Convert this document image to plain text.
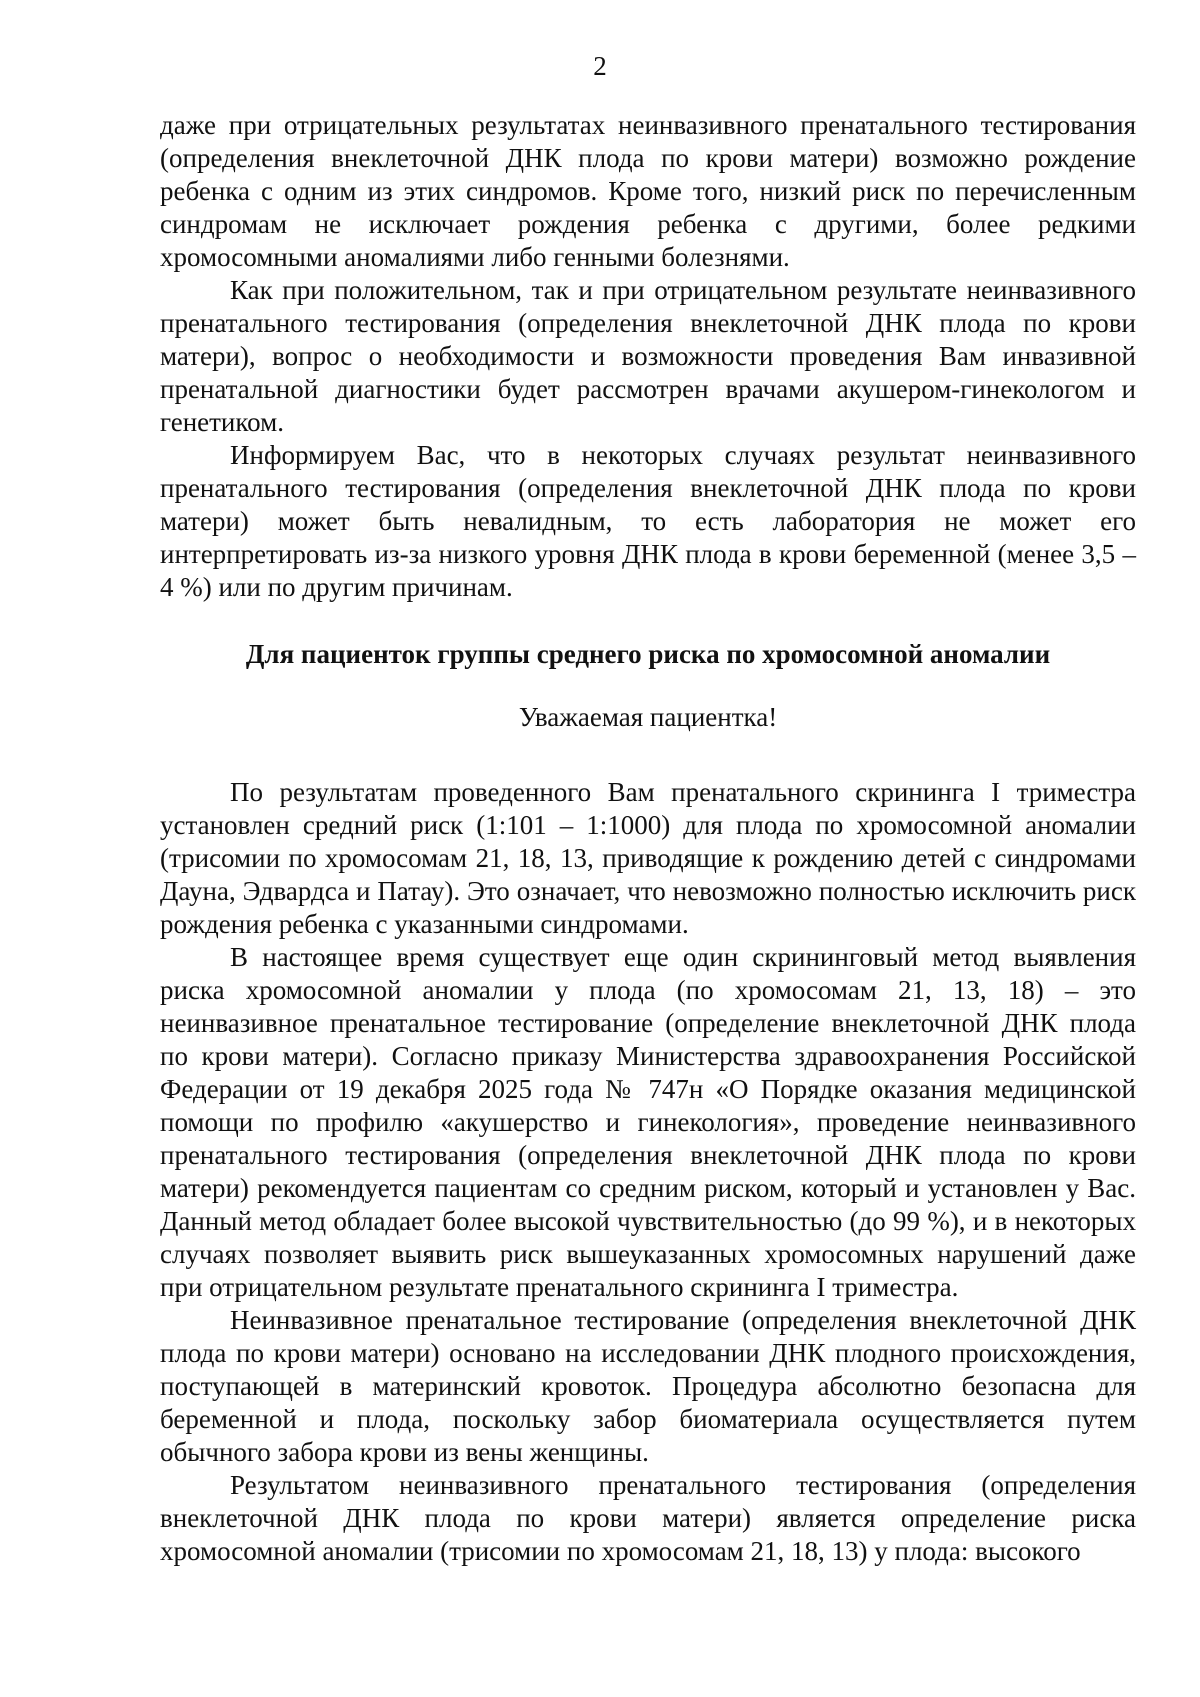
2

даже при отрицательных результатах неинвазивного пренатального тестирования (определения внеклеточной ДНК плода по крови матери) возможно рождение ребенка с одним из этих синдромов. Кроме того, низкий риск по перечисленным синдромам не исключает рождения ребенка с другими, более редкими хромосомными аномалиями либо генными болезнями.

Как при положительном, так и при отрицательном результате неинвазивного пренатального тестирования (определения внеклеточной ДНК плода по крови матери), вопрос о необходимости и возможности проведения Вам инвазивной пренатальной диагностики будет рассмотрен врачами акушером-гинекологом и генетиком.

Информируем Вас, что в некоторых случаях результат неинвазивного пренатального тестирования (определения внеклеточной ДНК плода по крови матери) может быть невалидным, то есть лаборатория не может его интерпретировать из-за низкого уровня ДНК плода в крови беременной (менее 3,5 – 4 %) или по другим причинам.

Для пациенток группы среднего риска по хромосомной аномалии

Уважаемая пациентка!

По результатам проведенного Вам пренатального скрининга I триместра установлен средний риск (1:101 – 1:1000) для плода по хромосомной аномалии (трисомии по хромосомам 21, 18, 13, приводящие к рождению детей с синдромами Дауна, Эдвардса и Патау). Это означает, что невозможно полностью исключить риск рождения ребенка с указанными синдромами.

В настоящее время существует еще один скрининговый метод выявления риска хромосомной аномалии у плода (по хромосомам 21, 13, 18) – это неинвазивное пренатальное тестирование (определение внеклеточной ДНК плода по крови матери). Согласно приказу Министерства здравоохранения Российской Федерации от 19 декабря 2025 года № 747н «О Порядке оказания медицинской помощи по профилю «акушерство и гинекология», проведение неинвазивного пренатального тестирования (определения внеклеточной ДНК плода по крови матери) рекомендуется пациентам со средним риском, который и установлен у Вас. Данный метод обладает более высокой чувствительностью (до 99 %), и в некоторых случаях позволяет выявить риск вышеуказанных хромосомных нарушений даже при отрицательном результате пренатального скрининга I триместра.

Неинвазивное пренатальное тестирование (определения внеклеточной ДНК плода по крови матери) основано на исследовании ДНК плодного происхождения, поступающей в материнский кровоток. Процедура абсолютно безопасна для беременной и плода, поскольку забор биоматериала осуществляется путем обычного забора крови из вены женщины.

Результатом неинвазивного пренатального тестирования (определения внеклеточной ДНК плода по крови матери) является определение риска хромосомной аномалии (трисомии по хромосомам 21, 18, 13) у плода: высокого
